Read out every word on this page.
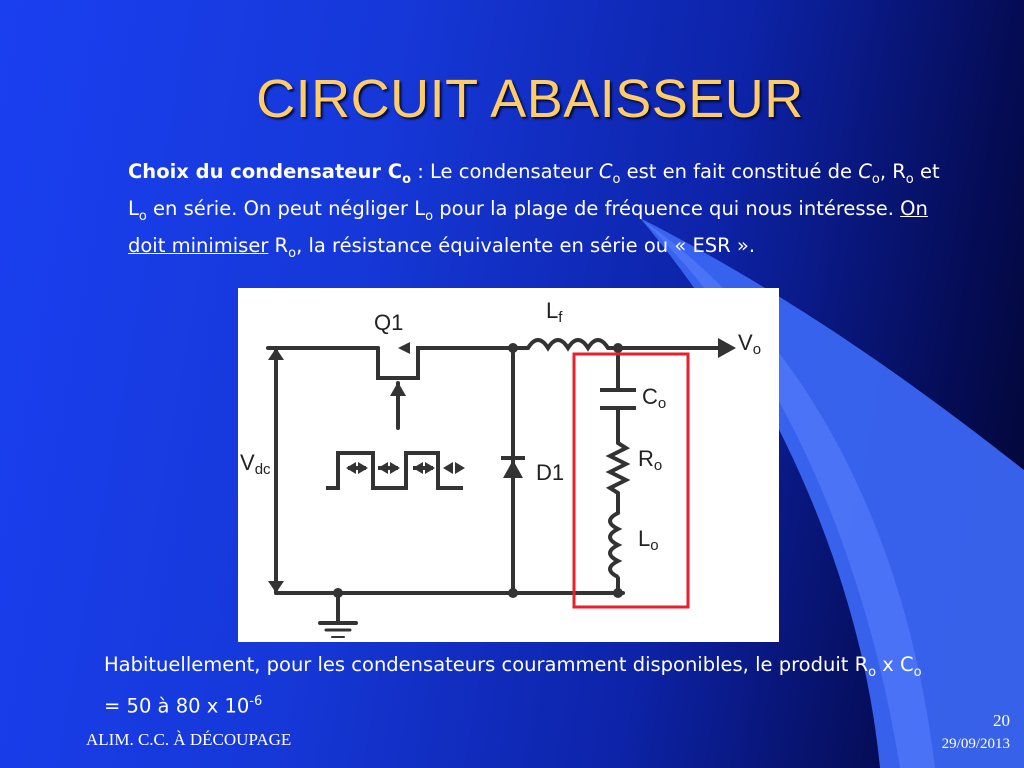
CIRCUIT ABAISSEUR
Choix du condensateur $C_o$ : Le condensateur $C_o$ est en fait constitué de $C_o$, $R_o$ et $L_o$ en série. On peut négliger $L_o$ pour la plage de fréquence qui nous intéresse. On doit minimiser $R_o$, la résistance équivalente en série ou « ESR ».
Q1	$L_f$
$V_o$
$V_{dc}$	D1
$C_o$
$R_o$
$L_o$
Habituellement, pour les condensateurs couramment disponibles, le produit $R_o$ x $C_o = 50$ à 80 x $10^{-6}$
ALIM. C.C. À DÉCOUPAGE
20
29/09/2013
